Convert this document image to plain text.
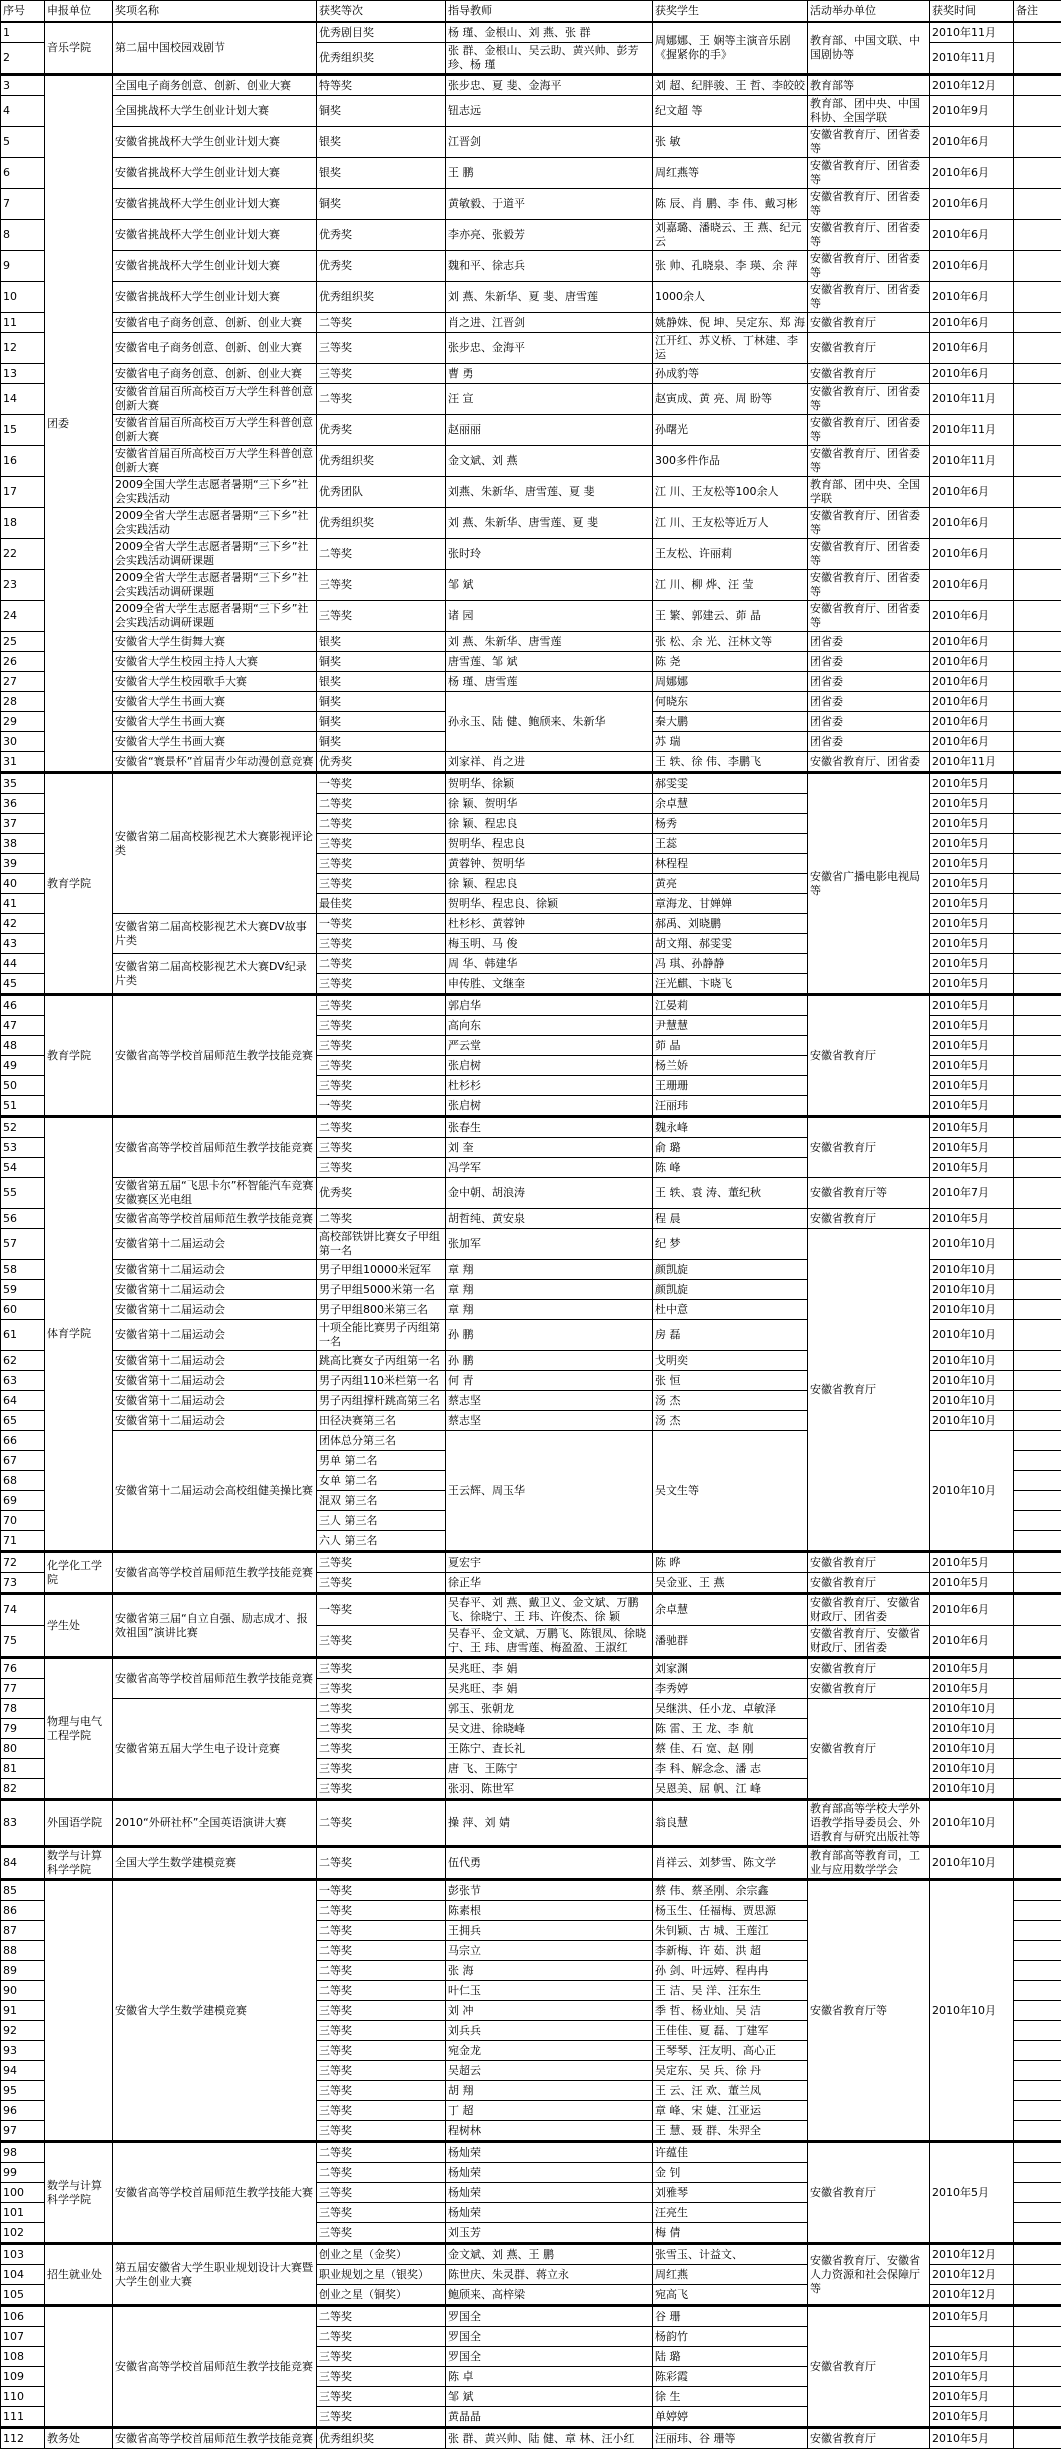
序号	申报单位	奖项名称	获奖等次	指导教师	获奖学生	活动举办单位	获奖时间	备注
1	音乐学院	第二届中国校园戏剧节	优秀剧目奖	杨 瑾、金根山、刘 燕、张 群	周娜娜、王 娴等主演音乐剧《握紧你的手》	教育部、中国文联、中国剧协等	2010年11月	
2			优秀组织奖	张 群、金根山、吴云助、黄兴帅、彭芳珍、杨 瑾			2010年11月	
3	团委	全国电子商务创意、创新、创业大赛	特等奖	张步忠、夏 斐、金海平	刘 超、纪胖骏、王 哲、李皎皎	教育部等	2010年12月	
4		全国挑战杯大学生创业计划大赛	铜奖	钮志远	纪文超 等	教育部、团中央、中国科协、全国学联	2010年9月	
5		安徽省挑战杯大学生创业计划大赛	银奖	江晋剑	张 敏	安徽省教育厅、团省委等	2010年6月	
6		安徽省挑战杯大学生创业计划大赛	银奖	王 鹏	周红燕等	安徽省教育厅、团省委等	2010年6月	
7		安徽省挑战杯大学生创业计划大赛	铜奖	黄敏毅、于道平	陈 辰、肖 鹏、李 伟、戴习彬	安徽省教育厅、团省委等	2010年6月	
8		安徽省挑战杯大学生创业计划大赛	优秀奖	李亦亮、张毅芳	刘嘉璐、潘晓云、王 燕、纪元云	安徽省教育厅、团省委等	2010年6月	
9		安徽省挑战杯大学生创业计划大赛	优秀奖	魏和平、徐志兵	张 帅、孔晓泉、李 瑛、余 萍	安徽省教育厅、团省委等	2010年6月	
10		安徽省挑战杯大学生创业计划大赛	优秀组织奖	刘 燕、朱新华、夏 斐、唐雪莲	1000余人	安徽省教育厅、团省委等	2010年6月	
11		安徽省电子商务创意、创新、创业大赛	二等奖	肖之进、江晋剑	姚静姝、倪 坤、吴定东、郑 海	安徽省教育厅	2010年6月	
12		安徽省电子商务创意、创新、创业大赛	三等奖	张步忠、金海平	江开红、苏义桥、丁林建、李运	安徽省教育厅	2010年6月	
13		安徽省电子商务创意、创新、创业大赛	三等奖	曹 勇	孙成豹等	安徽省教育厅	2010年6月	
14		安徽省首届百所高校百万大学生科普创意创新大赛	二等奖	汪 宣	赵寅成、黄 亮、周 盼等	安徽省教育厅、团省委等	2010年11月	
15		安徽省首届百所高校百万大学生科普创意创新大赛	优秀奖	赵丽丽	孙曙光	安徽省教育厅、团省委等	2010年11月	
16		安徽省首届百所高校百万大学生科普创意创新大赛	优秀组织奖	金文斌、刘 燕	300多件作品	安徽省教育厅、团省委等	2010年11月	
17		2009全国大学生志愿者暑期“三下乡”社会实践活动	优秀团队	刘燕、朱新华、唐雪莲、夏 斐	江 川、王友松等100余人	教育部、团中央、全国学联	2010年6月	
18		2009全省大学生志愿者暑期“三下乡”社会实践活动	优秀组织奖	刘 燕、朱新华、唐雪莲、夏 斐	江 川、王友松等近万人	安徽省教育厅、团省委等	2010年6月	
22		2009全省大学生志愿者暑期“三下乡”社会实践活动调研课题	二等奖	张时玲	王友松、许丽莉	安徽省教育厅、团省委等	2010年6月	
23		2009全省大学生志愿者暑期“三下乡”社会实践活动调研课题	三等奖	邹 斌	江 川、柳 烨、汪 莹	安徽省教育厅、团省委等	2010年6月	
24		2009全省大学生志愿者暑期“三下乡”社会实践活动调研课题	三等奖	诸 园	王 繁、郭建云、茆 晶	安徽省教育厅、团省委等	2010年6月	
25		安徽省大学生街舞大赛	银奖	刘 燕、朱新华、唐雪莲	张 松、余 光、汪林文等	团省委	2010年6月	
26		安徽省大学生校园主持人大赛	铜奖	唐雪莲、邹 斌	陈 尧	团省委	2010年6月	
27		安徽省大学生校园歌手大赛	银奖	杨 瑾、唐雪莲	周娜娜	团省委	2010年6月	
28		安徽省大学生书画大赛	铜奖	孙永玉、陆 健、鲍颀来、朱新华	何晓东	团省委	2010年6月	
29		安徽省大学生书画大赛	铜奖		秦大鹏	团省委	2010年6月	
30		安徽省大学生书画大赛	铜奖		苏 瑞	团省委	2010年6月	
31		安徽省“寰景杯”首届青少年动漫创意竞赛	优秀奖	刘家祥、肖之进	王 轶、徐 伟、李鹏飞	安徽省教育厅、团省委	2010年11月	
35	教育学院	安徽省第二届高校影视艺术大赛影视评论类	一等奖	贺明华、徐颖	郝雯雯	安徽省广播电影电视局等	2010年5月	
36			二等奖	徐 颖、贺明华	余卓慧		2010年5月	
37			二等奖	徐 颖、程忠良	杨秀		2010年5月	
38			三等奖	贺明华、程忠良	王蕊		2010年5月	
39			三等奖	黄蓉钟、贺明华	林程程		2010年5月	
40			三等奖	徐 颖、程忠良	黄亮		2010年5月	
41			最佳奖	贺明华、程忠良、徐颖	章海龙、甘婵婵		2010年5月	
42		安徽省第二届高校影视艺术大赛DV故事片类	一等奖	杜杉杉、黄蓉钟	郝禹、刘晓鹏		2010年5月	
43			三等奖	梅玉明、马 俊	胡文翔、郝雯雯		2010年5月	
44		安徽省第二届高校影视艺术大赛DV纪录片类	二等奖	周 华、韩建华	冯 琪、孙静静		2010年5月	
45			三等奖	申传胜、文继奎	汪光麒、卞晓飞		2010年5月	
46	教育学院	安徽省高等学校首届师范生教学技能竞赛	三等奖	郭启华	江晏莉	安徽省教育厅	2010年5月	
47			三等奖	高向东	尹慧慧		2010年5月	
48			三等奖	严云堂	茆 晶		2010年5月	
49			三等奖	张启树	杨兰娇		2010年5月	
50			三等奖	杜杉杉	王珊珊		2010年5月	
51			一等奖	张启树	汪丽玮		2010年5月	
52	体育学院	安徽省高等学校首届师范生教学技能竞赛	二等奖	张春生	魏永峰	安徽省教育厅	2010年5月	
53			三等奖	刘 奎	俞 璐		2010年5月	
54			三等奖	冯学军	陈 峰		2010年5月	
55		安徽省第五届“飞思卡尔”杯智能汽车竞赛安徽赛区光电组	优秀奖	金中朝、胡浪涛	王 轶、袁 涛、董纪秋	安徽省教育厅等	2010年7月	
56		安徽省高等学校首届师范生教学技能竞赛	二等奖	胡哲纯、黄安泉	程 晨	安徽省教育厅	2010年5月	
57		安徽省第十二届运动会	高校部铁饼比赛女子甲组第一名	张加军	纪 梦	安徽省教育厅	2010年10月	
58		安徽省第十二届运动会	男子甲组10000米冠军	章 翔	颜凯旋		2010年10月	
59		安徽省第十二届运动会	男子甲组5000米第一名	章 翔	颜凯旋		2010年10月	
60		安徽省第十二届运动会	男子甲组800米第三名	章 翔	杜中意		2010年10月	
61		安徽省第十二届运动会	十项全能比赛男子丙组第一名	孙 鹏	房 磊		2010年10月	
62		安徽省第十二届运动会	跳高比赛女子丙组第一名	孙 鹏	戈明奕		2010年10月	
63		安徽省第十二届运动会	男子丙组110米栏第一名	何 青	张 恒		2010年10月	
64		安徽省第十二届运动会	男子丙组撑杆跳高第三名	蔡志坚	汤 杰		2010年10月	
65		安徽省第十二届运动会	田径决赛第三名	蔡志坚	汤 杰		2010年10月	
66		安徽省第十二届运动会高校组健美操比赛	团体总分第三名	王云辉、周玉华	吴文生等		2010年10月	
67			男单 第二名					
68			女单 第二名					
69			混双 第三名					
70			三人 第三名					
71			六人 第三名					
72	化学化工学院	安徽省高等学校首届师范生教学技能竞赛	三等奖	夏宏宇	陈 晔	安徽省教育厅	2010年5月	
73			三等奖	徐正华	吴金亚、王 燕	安徽省教育厅	2010年5月	
74	学生处	安徽省第三届“自立自强、励志成才、报效祖国”演讲比赛	一等奖	吴春平、刘 燕、戴卫义、金文斌、万鹏飞、徐晓宁、王 玮、许俊杰、徐 颖	余卓慧	安徽省教育厅、安徽省财政厅、团省委	2010年6月	
75			三等奖	吴春平、金文斌、万鹏飞、陈银凤、徐晓宁、王 玮、唐雪莲、梅盈盈、王淑红	潘驰群	安徽省教育厅、安徽省财政厅、团省委	2010年6月	
76	物理与电气工程学院	安徽省高等学校首届师范生教学技能竞赛	三等奖	吴兆旺、李 娟	刘家渊	安徽省教育厅	2010年5月	
77			三等奖	吴兆旺、李 娟	李秀婷	安徽省教育厅	2010年5月	
78		安徽省第五届大学生电子设计竞赛	二等奖	郭玉、张朝龙	吴继洪、任小龙、卓敏泽	安徽省教育厅	2010年10月	
79			二等奖	吴文进、徐晓峰	陈 雷、王 龙、李 航		2010年10月	
80			二等奖	王陈宁、査长礼	蔡 佳、石 宽、赵 刚		2010年10月	
81			三等奖	唐 飞、王陈宁	李 科、解念念、潘 志		2010年10月	
82			三等奖	张羽、陈世军	吴恩美、屈 帆、江 峰		2010年10月	
83	外国语学院	2010“外研社杯”全国英语演讲大赛	二等奖	操 萍、刘 婧	翁良慧	教育部高等学校大学外语教学指导委员会、外语教育与研究出版社等	2010年10月	
84	数学与计算科学学院	全国大学生数学建模竞赛	二等奖	伍代勇	肖祥云、刘梦雪、陈文学	教育部高等教育司，工业与应用数学学会	2010年10月	
85		安徽省大学生数学建模竞赛	一等奖	彭张节	蔡 伟、蔡圣刚、余宗鑫	安徽省教育厅等	2010年10月	
86			二等奖	陈素根	杨玉生、任福梅、贾思源			
87			二等奖	王拥兵	朱钊颖、古 城、王莲江			
88			二等奖	马宗立	李新梅、许 茹、洪 超			
89			二等奖	张 海	孙 剑、叶远婷、程冉冉			
90			二等奖	叶仁玉	王 洁、吴 洋、汪东生			
91			三等奖	刘 冲	季 哲、杨业灿、吴 洁			
92			三等奖	刘兵兵	王佳佳、夏 磊、丁建军			
93			三等奖	宛金龙	王琴琴、汪友明、高心正			
94			三等奖	吴超云	吴定东、吴 兵、徐 丹			
95			三等奖	胡 翔	王 云、汪 欢、董兰凤			
96			三等奖	丁 超	章 峰、宋 婕、江亚运			
97			三等奖	程树林	王 慧、聂 群、朱羿全			
98	数学与计算科学学院	安徽省高等学校首届师范生教学技能大赛	二等奖	杨灿荣	许蕴佳	安徽省教育厅	2010年5月	
99			二等奖	杨灿荣	金 钊			
100			三等奖	杨灿荣	刘雅琴			
101			三等奖	杨灿荣	汪亮生			
102			三等奖	刘玉芳	梅 倩			
103	招生就业处	第五届安徽省大学生职业规划设计大赛暨大学生创业大赛	创业之星（金奖）	金文斌、刘 燕、王 鹏	张雪玉、计益文、	安徽省教育厅、安徽省人力资源和社会保障厅等	2010年12月	
104			职业规划之星（银奖）	陈世庆、朱灵群、蒋立永	周红燕		2010年12月	
105			创业之星（铜奖）	鲍颀来、高梓梁	宛高飞		2010年12月	
106		安徽省高等学校首届师范生教学技能竞赛	二等奖	罗国全	谷 珊	安徽省教育厅	2010年5月	
107			二等奖	罗国全	杨韵竹			
108			三等奖	罗国全	陆 璐		2010年5月	
109			三等奖	陈 卓	陈彩霞		2010年5月	
110			三等奖	邹 斌	徐 生		2010年5月	
111			三等奖	黄晶晶	单婷婷		2010年5月	
112	教务处	安徽省高等学校首届师范生教学技能竞赛	优秀组织奖	张 群、黄兴帅、陆 健、章 林、汪小红	汪丽玮、谷 珊等	安徽省教育厅	2010年5月	
